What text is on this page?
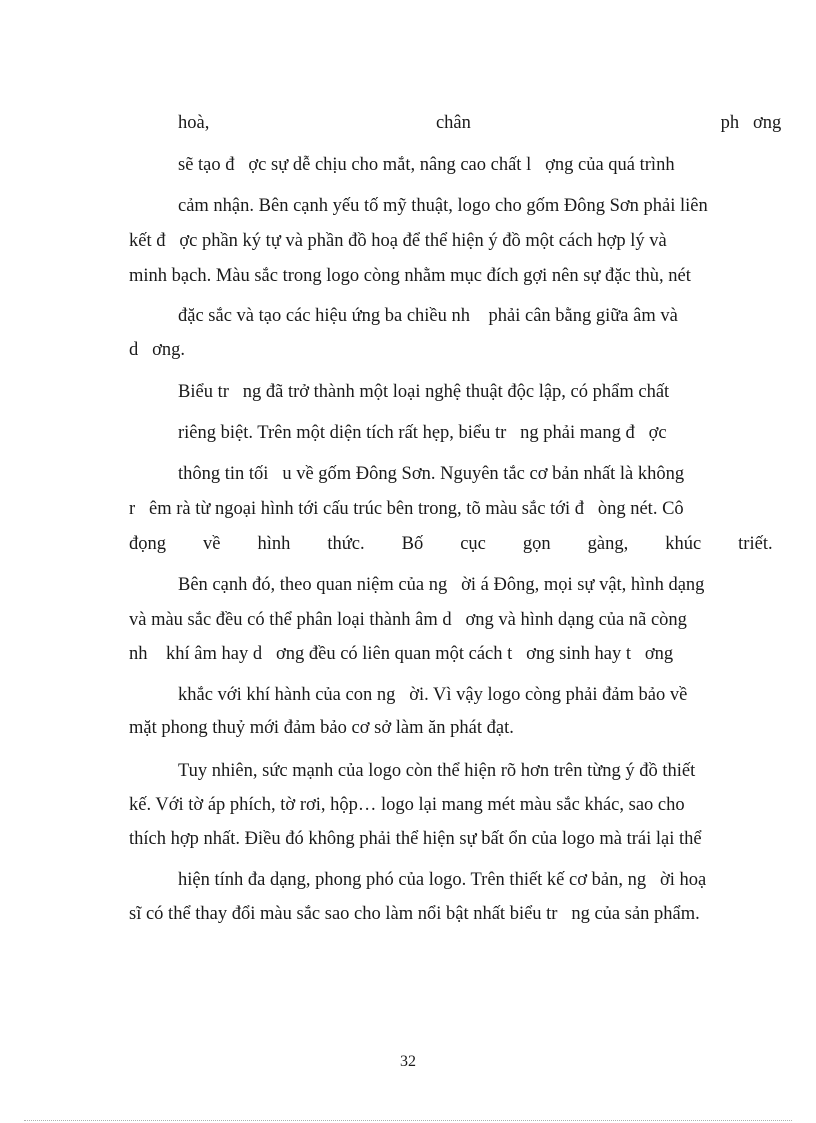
hoà,                                                 chân                                                      ph   ơng
sẽ tạo đ   ợc sự dễ chịu cho mắt, nâng cao chất l   ợng của quá trình
cảm nhận. Bên cạnh yếu tố mỹ thuật, logo cho gốm Đông Sơn phải liên
kết đ   ợc phần ký tự và phần đồ hoạ để thể hiện ý đồ một cách hợp lý và
minh bạch. Màu sắc trong logo còng nhằm mục đích gợi nên sự đặc thù, nét
đặc sắc và tạo các hiệu ứng ba chiều nh    phải cân bằng giữa âm và
d   ơng.
Biểu tr   ng đã trở thành một loại nghệ thuật độc lập, có phẩm chất
riêng biệt. Trên một diện tích rất hẹp, biểu tr   ng phải mang đ   ợc
thông tin tối   u về gốm Đông Sơn. Nguyên tắc cơ bản nhất là không
r   êm rà từ ngoại hình tới cấu trúc bên trong, tõ màu sắc tới đ   òng nét. Cô
đọng        về        hình        thức.        Bố        cục        gọn        gàng,        khúc        triết.
Bên cạnh đó, theo quan niệm của ng   ời á Đông, mọi sự vật, hình dạng
và màu sắc đều có thể phân loại thành âm d   ơng và hình dạng của nã còng
nh    khí âm hay d   ơng đều có liên quan một cách t   ơng sinh hay t   ơng
khắc với khí hành của con ng   ời. Vì vậy logo còng phải đảm bảo về
mặt phong thuỷ mới đảm bảo cơ sở làm ăn phát đạt.
Tuy nhiên, sức mạnh của logo còn thể hiện rõ hơn trên từng ý đồ thiết
kế. Với tờ áp phích, tờ rơi, hộp… logo lại mang mét màu sắc khác, sao cho
thích hợp nhất. Điều đó không phải thể hiện sự bất ổn của logo mà trái lại thể
hiện tính đa dạng, phong phó của logo. Trên thiết kế cơ bản, ng   ời hoạ
sĩ có thể thay đổi màu sắc sao cho làm nổi bật nhất biểu tr   ng của sản phẩm.
32
